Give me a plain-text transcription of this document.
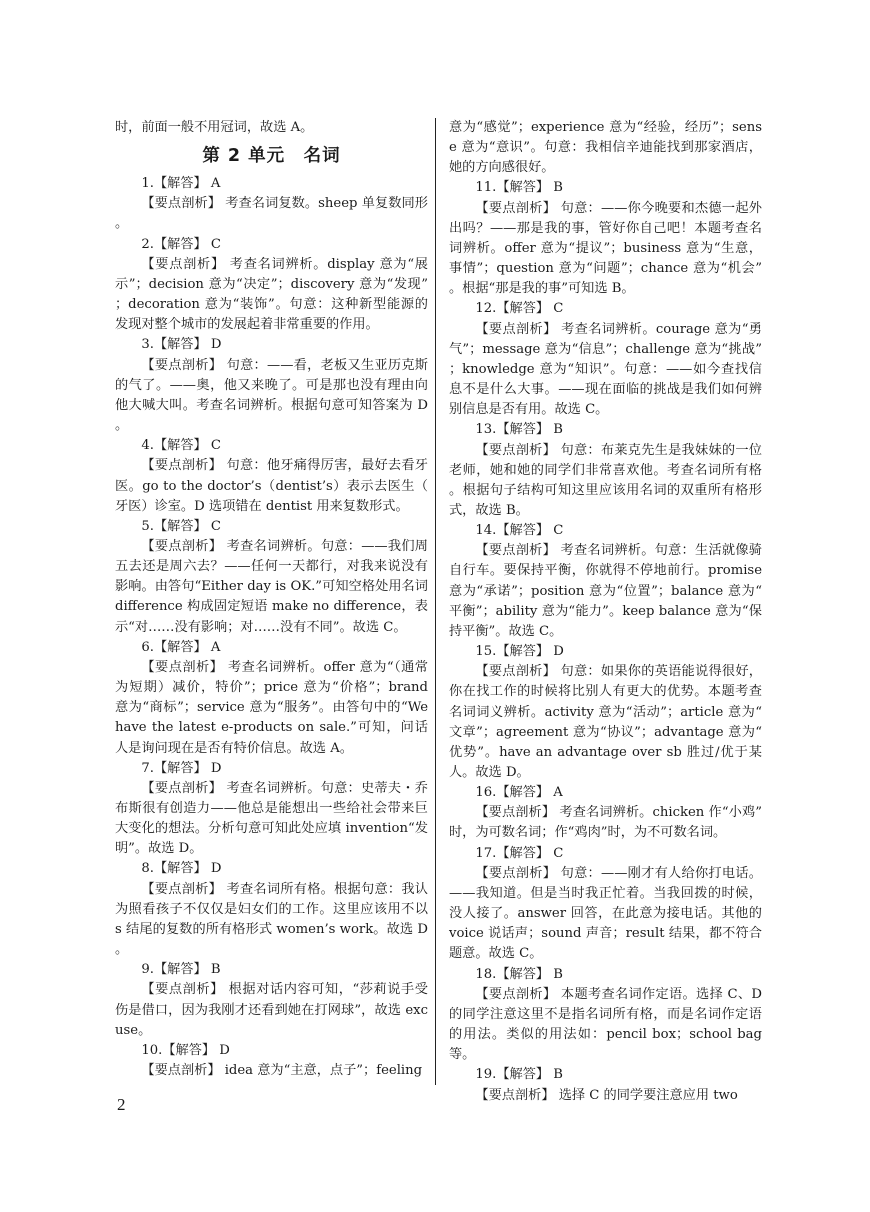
时，前面一般不用冠词，故选 A。

第 2 单元　名词

1.【解答】 A

【要点剖析】 考查名词复数。sheep 单复数同形。

2.【解答】 C

【要点剖析】 考查名词辨析。display 意为“展示”；decision 意为“决定”；discovery 意为“发现”；decoration 意为“装饰”。句意：这种新型能源的发现对整个城市的发展起着非常重要的作用。

3.【解答】 D

【要点剖析】 句意：——看，老板又生亚历克斯的气了。——奥，他又来晚了。可是那也没有理由向他大喊大叫。考查名词辨析。根据句意可知答案为 D。

4.【解答】 C

【要点剖析】 句意：他牙痛得厉害，最好去看牙医。go to the doctor’s（dentist’s）表示去医生（牙医）诊室。D 选项错在 dentist 用来复数形式。

5.【解答】 C

【要点剖析】 考查名词辨析。句意：——我们周五去还是周六去？——任何一天都行，对我来说没有影响。由答句“Either day is OK.”可知空格处用名词 difference 构成固定短语 make no difference，表示“对……没有影响；对……没有不同”。故选 C。

6.【解答】 A

【要点剖析】 考查名词辨析。offer 意为“（通常为短期）减价，特价”；price 意为“价格”；brand 意为“商标”；service 意为“服务”。由答句中的“We have the latest e-products on sale.”可知，问话人是询问现在是否有特价信息。故选 A。

7.【解答】 D

【要点剖析】 考查名词辨析。句意：史蒂夫・乔布斯很有创造力——他总是能想出一些给社会带来巨大变化的想法。分析句意可知此处应填 invention“发明”。故选 D。

8.【解答】 D

【要点剖析】 考查名词所有格。根据句意：我认为照看孩子不仅仅是妇女们的工作。这里应该用不以 s 结尾的复数的所有格形式 women’s work。故选 D。

9.【解答】 B

【要点剖析】 根据对话内容可知，“莎莉说手受伤是借口，因为我刚才还看到她在打网球”，故选 excuse。

10.【解答】 D

【要点剖析】 idea 意为“主意，点子”；feeling

意为“感觉”；experience 意为“经验，经历”；sense 意为“意识”。句意：我相信辛迪能找到那家酒店，她的方向感很好。

11.【解答】 B

【要点剖析】 句意：——你今晚要和杰德一起外出吗？——那是我的事，管好你自己吧！本题考查名词辨析。offer 意为“提议”；business 意为“生意，事情”；question 意为“问题”；chance 意为“机会”。根据“那是我的事”可知选 B。

12.【解答】 C

【要点剖析】 考查名词辨析。courage 意为“勇气”；message 意为“信息”；challenge 意为“挑战”；knowledge 意为“知识”。句意：——如今查找信息不是什么大事。——现在面临的挑战是我们如何辨别信息是否有用。故选 C。

13.【解答】 B

【要点剖析】 句意：布莱克先生是我妹妹的一位老师，她和她的同学们非常喜欢他。考查名词所有格。根据句子结构可知这里应该用名词的双重所有格形式，故选 B。

14.【解答】 C

【要点剖析】 考查名词辨析。句意：生活就像骑自行车。要保持平衡，你就得不停地前行。promise 意为“承诺”；position 意为“位置”；balance 意为“平衡”；ability 意为“能力”。keep balance 意为“保持平衡”。故选 C。

15.【解答】 D

【要点剖析】 句意：如果你的英语能说得很好，你在找工作的时候将比别人有更大的优势。本题考查名词词义辨析。activity 意为“活动”；article 意为“文章”；agreement 意为“协议”；advantage 意为“优势”。have an advantage over sb 胜过/优于某人。故选 D。

16.【解答】 A

【要点剖析】 考查名词辨析。chicken 作“小鸡”时，为可数名词；作“鸡肉”时，为不可数名词。

17.【解答】 C

【要点剖析】 句意：——刚才有人给你打电话。——我知道。但是当时我正忙着。当我回拨的时候，没人接了。answer 回答，在此意为接电话。其他的 voice 说话声；sound 声音；result 结果，都不符合题意。故选 C。

18.【解答】 B

【要点剖析】 本题考查名词作定语。选择 C、D 的同学注意这里不是指名词所有格，而是名词作定语的用法。类似的用法如：pencil box；school bag 等。

19.【解答】 B

【要点剖析】 选择 C 的同学要注意应用 two

2
